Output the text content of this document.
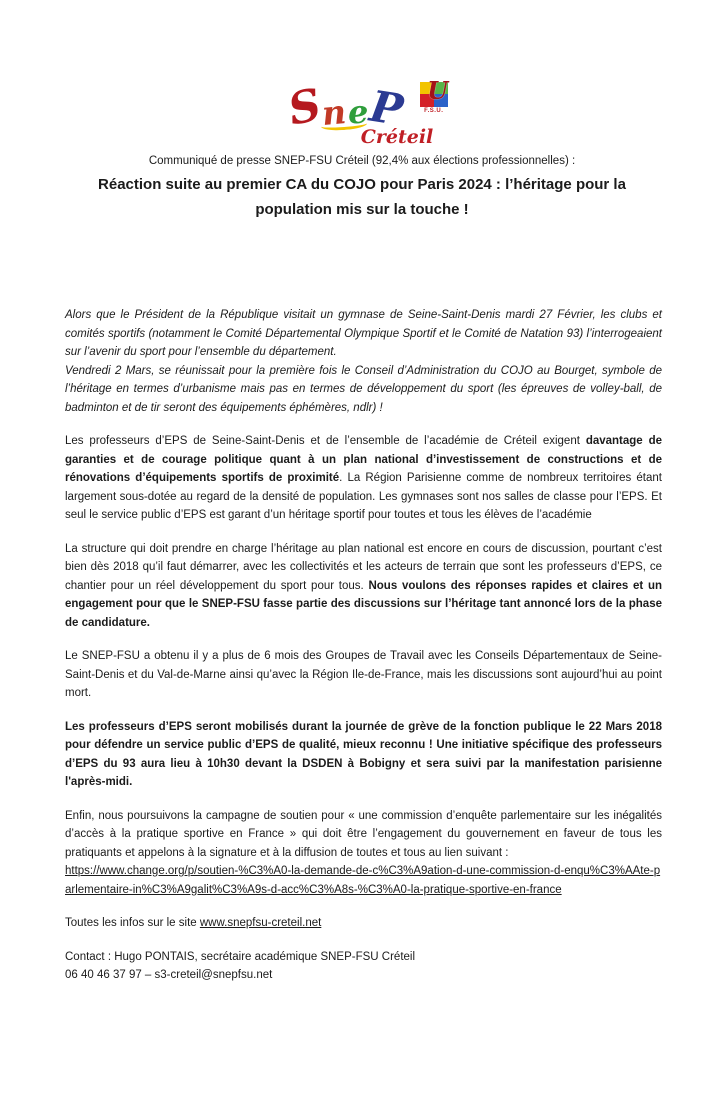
S
n e
P U
F.S.U.
Créteil
Communiqué de presse SNEP-FSU Créteil (92,4% aux élections professionnelles) :
Réaction suite au premier CA du COJO pour Paris 2024 : l’héritage pour la population mis sur la touche !

Alors que le Président de la République visitait un gymnase de Seine-Saint-Denis mardi 27 Février, les clubs et comités sportifs (notamment le Comité Départemental Olympique Sportif et le Comité de Natation 93) l’interrogeaient sur l’avenir du sport pour l’ensemble du département.

Vendredi 2 Mars, se réunissait pour la première fois le Conseil d’Administration du COJO au Bourget, symbole de l’héritage en termes d’urbanisme mais pas en termes de développement du sport (les épreuves de volley-ball, de badminton et de tir seront des équipements éphémères, ndlr) !

Les professeurs d’EPS de Seine-Saint-Denis et de l’ensemble de l’académie de Créteil exigent davantage de garanties et de courage politique quant à un plan national d’investissement de constructions et de rénovations d’équipements sportifs de proximité. La Région Parisienne comme de nombreux territoires étant largement sous-dotée au regard de la densité de population. Les gymnases sont nos salles de classe pour l’EPS. Et seul le service public d’EPS est garant d’un héritage sportif pour toutes et tous les élèves de l’académie

La structure qui doit prendre en charge l’héritage au plan national est encore en cours de discussion, pourtant c’est bien dès 2018 qu’il faut démarrer, avec les collectivités et les acteurs de terrain que sont les professeurs d’EPS, ce chantier pour un réel développement du sport pour tous. Nous voulons des réponses rapides et claires et un engagement pour que le SNEP-FSU fasse partie des discussions sur l’héritage tant annoncé lors de la phase de candidature.

Le SNEP-FSU a obtenu il y a plus de 6 mois des Groupes de Travail avec les Conseils Départementaux de Seine-Saint-Denis et du Val-de-Marne ainsi qu’avec la Région Ile-de-France, mais les discussions sont aujourd’hui au point mort.

Les professeurs d’EPS seront mobilisés durant la journée de grève de la fonction publique le 22 Mars 2018 pour défendre un service public d’EPS de qualité, mieux reconnu ! Une initiative spécifique des professeurs d’EPS du 93 aura lieu à 10h30 devant la DSDEN à Bobigny et sera suivi par la manifestation parisienne l'après-midi.

Enfin, nous poursuivons la campagne de soutien pour « une commission d’enquête parlementaire sur les inégalités d’accès à la pratique sportive en France » qui doit être l’engagement du gouvernement en faveur de tous les pratiquants et appelons à la signature et à la diffusion de toutes et tous au lien suivant :

https://www.change.org/p/soutien-%C3%A0-la-demande-de-c%C3%A9ation-d-une-commission-d-enqu%C3%AAte-parlementaire-in%C3%A9galit%C3%A9s-d-acc%C3%A8s-%C3%A0-la-pratique-sportive-en-france

Toutes les infos sur le site www.snepfsu-creteil.net

Contact : Hugo PONTAIS, secrétaire académique SNEP-FSU Créteil

06 40 46 37 97 – s3-creteil@snepfsu.net
